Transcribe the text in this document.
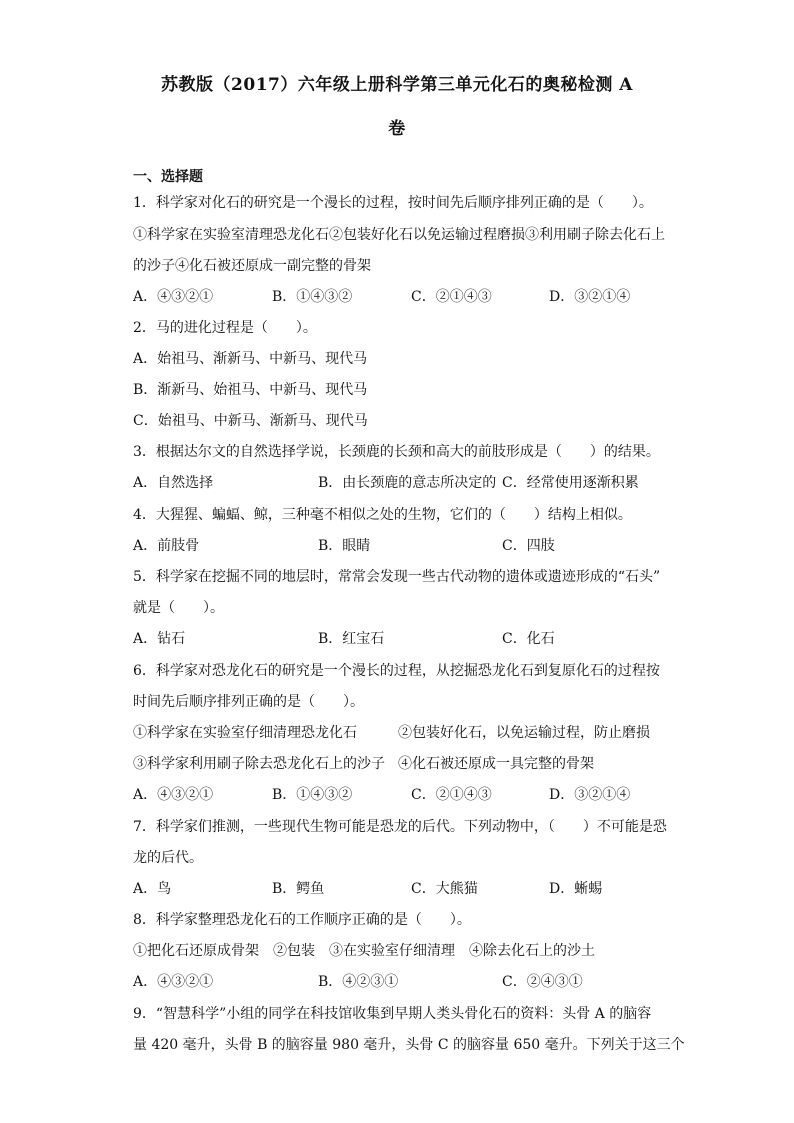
苏教版（2017）六年级上册科学第三单元化石的奥秘检测 A
卷
一、选择题
1．科学家对化石的研究是一个漫长的过程，按时间先后顺序排列正确的是（　　）。
①科学家在实验室清理恐龙化石②包装好化石以免运输过程磨损③利用刷子除去化石上
的沙子④化石被还原成一副完整的骨架
A．④③②①	B．①④③②	C．②①④③	D．③②①④
2．马的进化过程是（　　）。
A．始祖马、渐新马、中新马、现代马
B．渐新马、始祖马、中新马、现代马
C．始祖马、中新马、渐新马、现代马
3．根据达尔文的自然选择学说，长颈鹿的长颈和高大的前肢形成是（　　）的结果。
A．自然选择	B．由长颈鹿的意志所决定的 C．经常使用逐渐积累
4．大猩猩、蝙蝠、鲸，三种毫不相似之处的生物，它们的（　　）结构上相似。
A．前肢骨	B．眼睛	C．四肢
5．科学家在挖掘不同的地层时，常常会发现一些古代动物的遗体或遗迹形成的“石头”
就是（　　）。
A．钻石	B．红宝石	C．化石
6．科学家对恐龙化石的研究是一个漫长的过程，从挖掘恐龙化石到复原化石的过程按
时间先后顺序排列正确的是（　　）。
①科学家在实验室仔细清理恐龙化石	②包装好化石，以免运输过程，防止磨损
③科学家利用刷子除去恐龙化石上的沙子 ④化石被还原成一具完整的骨架
A．④③②①	B．①④③②	C．②①④③	D．③②①④
7．科学家们推测，一些现代生物可能是恐龙的后代。下列动物中，（　　）不可能是恐
龙的后代。
A．鸟	B．鳄鱼	C．大熊猫	D．蜥蜴
8．科学家整理恐龙化石的工作顺序正确的是（　　）。
①把化石还原成骨架　②包装　③在实验室仔细清理　④除去化石上的沙土
A．④③②①	B．④②③①	C．②④③①
9．“智慧科学”小组的同学在科技馆收集到早期人类头骨化石的资料：头骨 A 的脑容
量 420 毫升，头骨 B 的脑容量 980 毫升，头骨 C 的脑容量 650 毫升。下列关于这三个
